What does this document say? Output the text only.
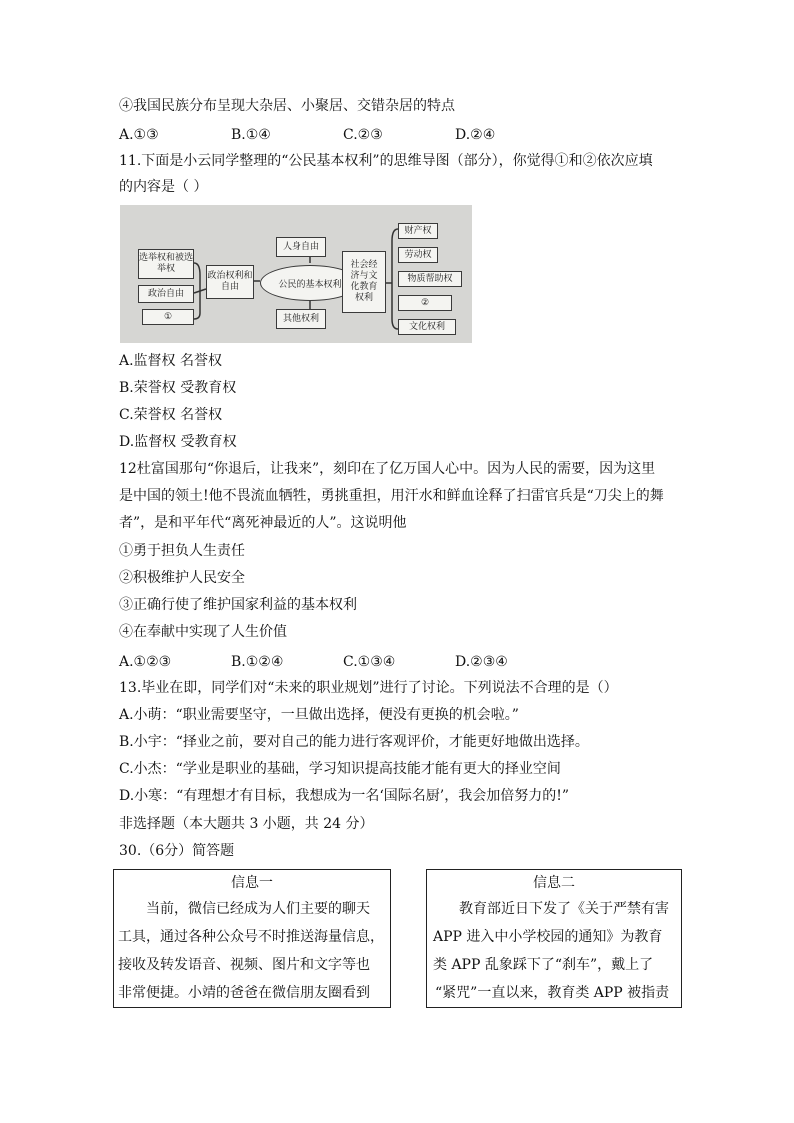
④我国民族分布呈现大杂居、小聚居、交错杂居的特点
A.①③	B.①④	C.②③	D.②④
11.下面是小云同学整理的“公民基本权利”的思维导图（部分），你觉得①和②依次应填
的内容是（ ）
选举权和被选举权
政治自由
①
政治权利和自由	公民的基本权利
人身自由
其他权利
社会经济与文化教育权利
财产权
劳动权
物质帮助权
②
文化权利
A.监督权 名誉权
B.荣誉权 受教育权
C.荣誉权 名誉权
D.监督权 受教育权
12杜富国那句“你退后，让我来”，刻印在了亿万国人心中。因为人民的需要，因为这里
是中国的领土!他不畏流血牺牲，勇挑重担，用汗水和鲜血诠释了扫雷官兵是“刀尖上的舞
者”，是和平年代“离死神最近的人”。这说明他
①勇于担负人生责任
②积极维护人民安全
③正确行使了维护国家利益的基本权利
④在奉献中实现了人生价值
A.①②③	B.①②④	C.①③④	D.②③④
13.毕业在即，同学们对“未来的职业规划”进行了讨论。下列说法不合理的是（）
A.小萌：“职业需要坚守，一旦做出选择，便没有更换的机会啦。”
B.小宇：“择业之前，要对自己的能力进行客观评价，才能更好地做出选择。
C.小杰：“学业是职业的基础，学习知识提高技能才能有更大的择业空间
D.小寒：“有理想才有目标，我想成为一名‘国际名厨’，我会加倍努力的!”
非选择题（本大题共 3 小题，共 24 分）
30.（6分）简答题
信息一
当前，微信已经成为人们主要的聊天
工具，通过各种公众号不时推送海量信息，
接收及转发语音、视频、图片和文字等也
非常便捷。小靖的爸爸在微信朋友圈看到
信息二
教育部近日下发了《关于严禁有害
APP 进入中小学校园的通知》为教育
类 APP 乱象踩下了“刹车”，戴上了
“紧咒”一直以来，教育类 APP 被指责
